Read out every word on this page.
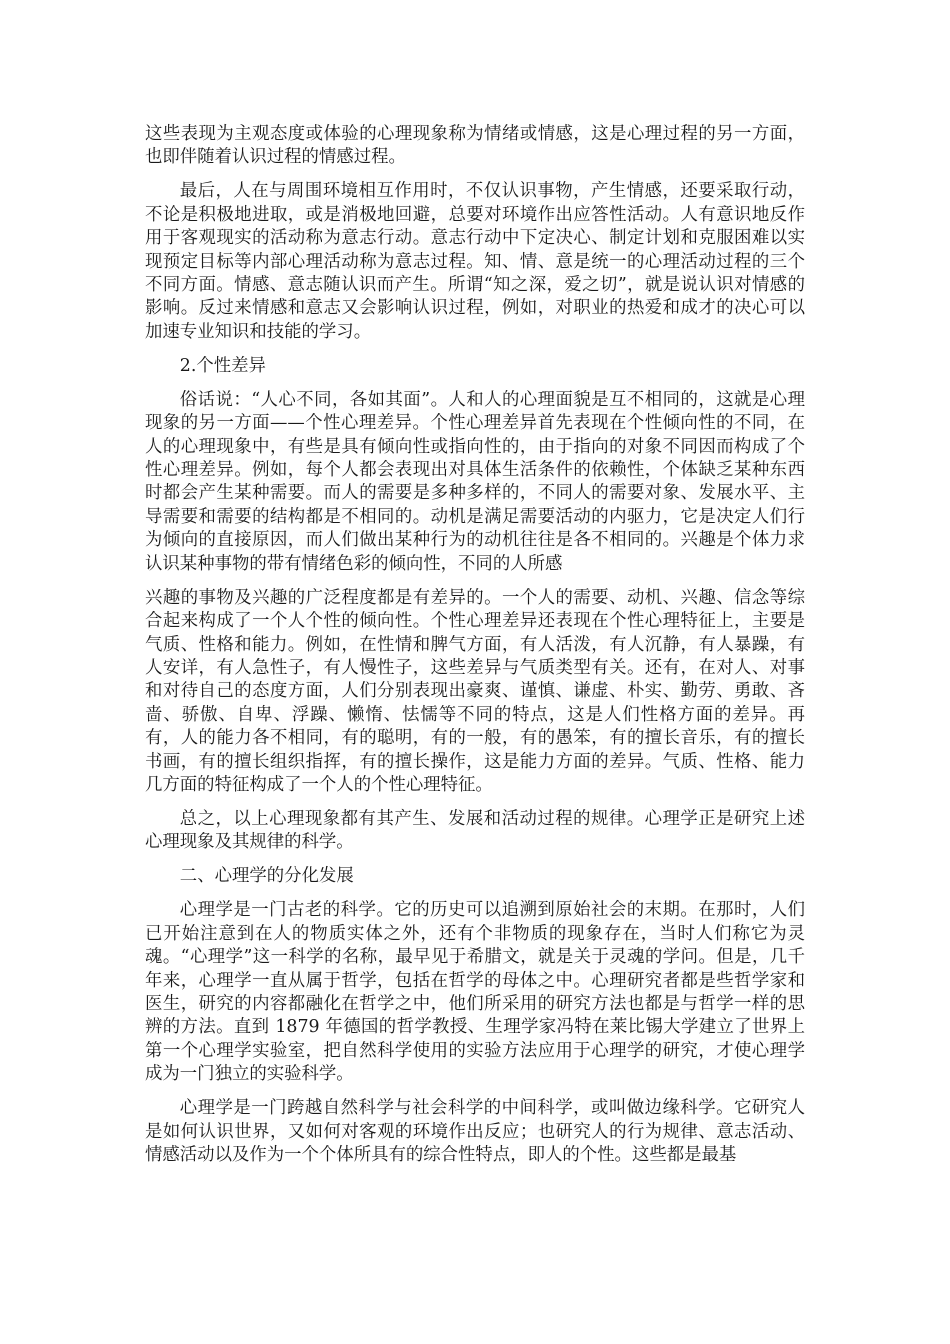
这些表现为主观态度或体验的心理现象称为情绪或情感，这是心理过程的另一方面，也即伴随着认识过程的情感过程。

最后，人在与周围环境相互作用时，不仅认识事物，产生情感，还要采取行动，不论是积极地进取，或是消极地回避，总要对环境作出应答性活动。人有意识地反作用于客观现实的活动称为意志行动。意志行动中下定决心、制定计划和克服困难以实现预定目标等内部心理活动称为意志过程。知、情、意是统一的心理活动过程的三个不同方面。情感、意志随认识而产生。所谓“知之深，爱之切”，就是说认识对情感的影响。反过来情感和意志又会影响认识过程，例如，对职业的热爱和成才的决心可以加速专业知识和技能的学习。

2.个性差异

俗话说：“人心不同，各如其面”。人和人的心理面貌是互不相同的，这就是心理现象的另一方面——个性心理差异。个性心理差异首先表现在个性倾向性的不同，在人的心理现象中，有些是具有倾向性或指向性的，由于指向的对象不同因而构成了个性心理差异。例如，每个人都会表现出对具体生活条件的依赖性，个体缺乏某种东西时都会产生某种需要。而人的需要是多种多样的，不同人的需要对象、发展水平、主导需要和需要的结构都是不相同的。动机是满足需要活动的内驱力，它是决定人们行为倾向的直接原因，而人们做出某种行为的动机往往是各不相同的。兴趣是个体力求认识某种事物的带有情绪色彩的倾向性，不同的人所感

兴趣的事物及兴趣的广泛程度都是有差异的。一个人的需要、动机、兴趣、信念等综合起来构成了一个人个性的倾向性。个性心理差异还表现在个性心理特征上，主要是气质、性格和能力。例如，在性情和脾气方面，有人活泼，有人沉静，有人暴躁，有人安详，有人急性子，有人慢性子，这些差异与气质类型有关。还有，在对人、对事和对待自己的态度方面，人们分别表现出豪爽、谨慎、谦虚、朴实、勤劳、勇敢、吝啬、骄傲、自卑、浮躁、懒惰、怯懦等不同的特点，这是人们性格方面的差异。再有，人的能力各不相同，有的聪明，有的一般，有的愚笨，有的擅长音乐，有的擅长书画，有的擅长组织指挥，有的擅长操作，这是能力方面的差异。气质、性格、能力几方面的特征构成了一个人的个性心理特征。

总之，以上心理现象都有其产生、发展和活动过程的规律。心理学正是研究上述心理现象及其规律的科学。

二、心理学的分化发展

心理学是一门古老的科学。它的历史可以追溯到原始社会的末期。在那时，人们已开始注意到在人的物质实体之外，还有个非物质的现象存在，当时人们称它为灵魂。“心理学”这一科学的名称，最早见于希腊文，就是关于灵魂的学问。但是，几千年来，心理学一直从属于哲学，包括在哲学的母体之中。心理研究者都是些哲学家和医生，研究的内容都融化在哲学之中，他们所采用的研究方法也都是与哲学一样的思辨的方法。直到 1879 年德国的哲学教授、生理学家冯特在莱比锡大学建立了世界上第一个心理学实验室，把自然科学使用的实验方法应用于心理学的研究，才使心理学成为一门独立的实验科学。

心理学是一门跨越自然科学与社会科学的中间科学，或叫做边缘科学。它研究人是如何认识世界，又如何对客观的环境作出反应；也研究人的行为规律、意志活动、情感活动以及作为一个个体所具有的综合性特点，即人的个性。这些都是最基
